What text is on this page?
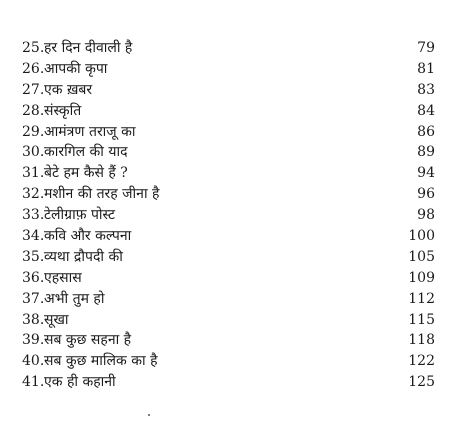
25. हर दिन दीवाली है	79
26. आपकी कृपा	81
27. एक ख़बर	83
28. संस्कृति	84
29. आमंत्रण तराजू का	86
30. कारगिल की याद	89
31. बेटे हम कैसे हैं ?	94
32. मशीन की तरह जीना है	96
33. टेलीग्राफ़ पोस्ट	98
34. कवि और कल्पना	100
35. व्यथा द्रौपदी की	105
36. एहसास	109
37. अभी तुम हो	112
38. सूखा	115
39. सब कुछ सहना है	118
40. सब कुछ मालिक का है	122
41. एक ही कहानी	125
